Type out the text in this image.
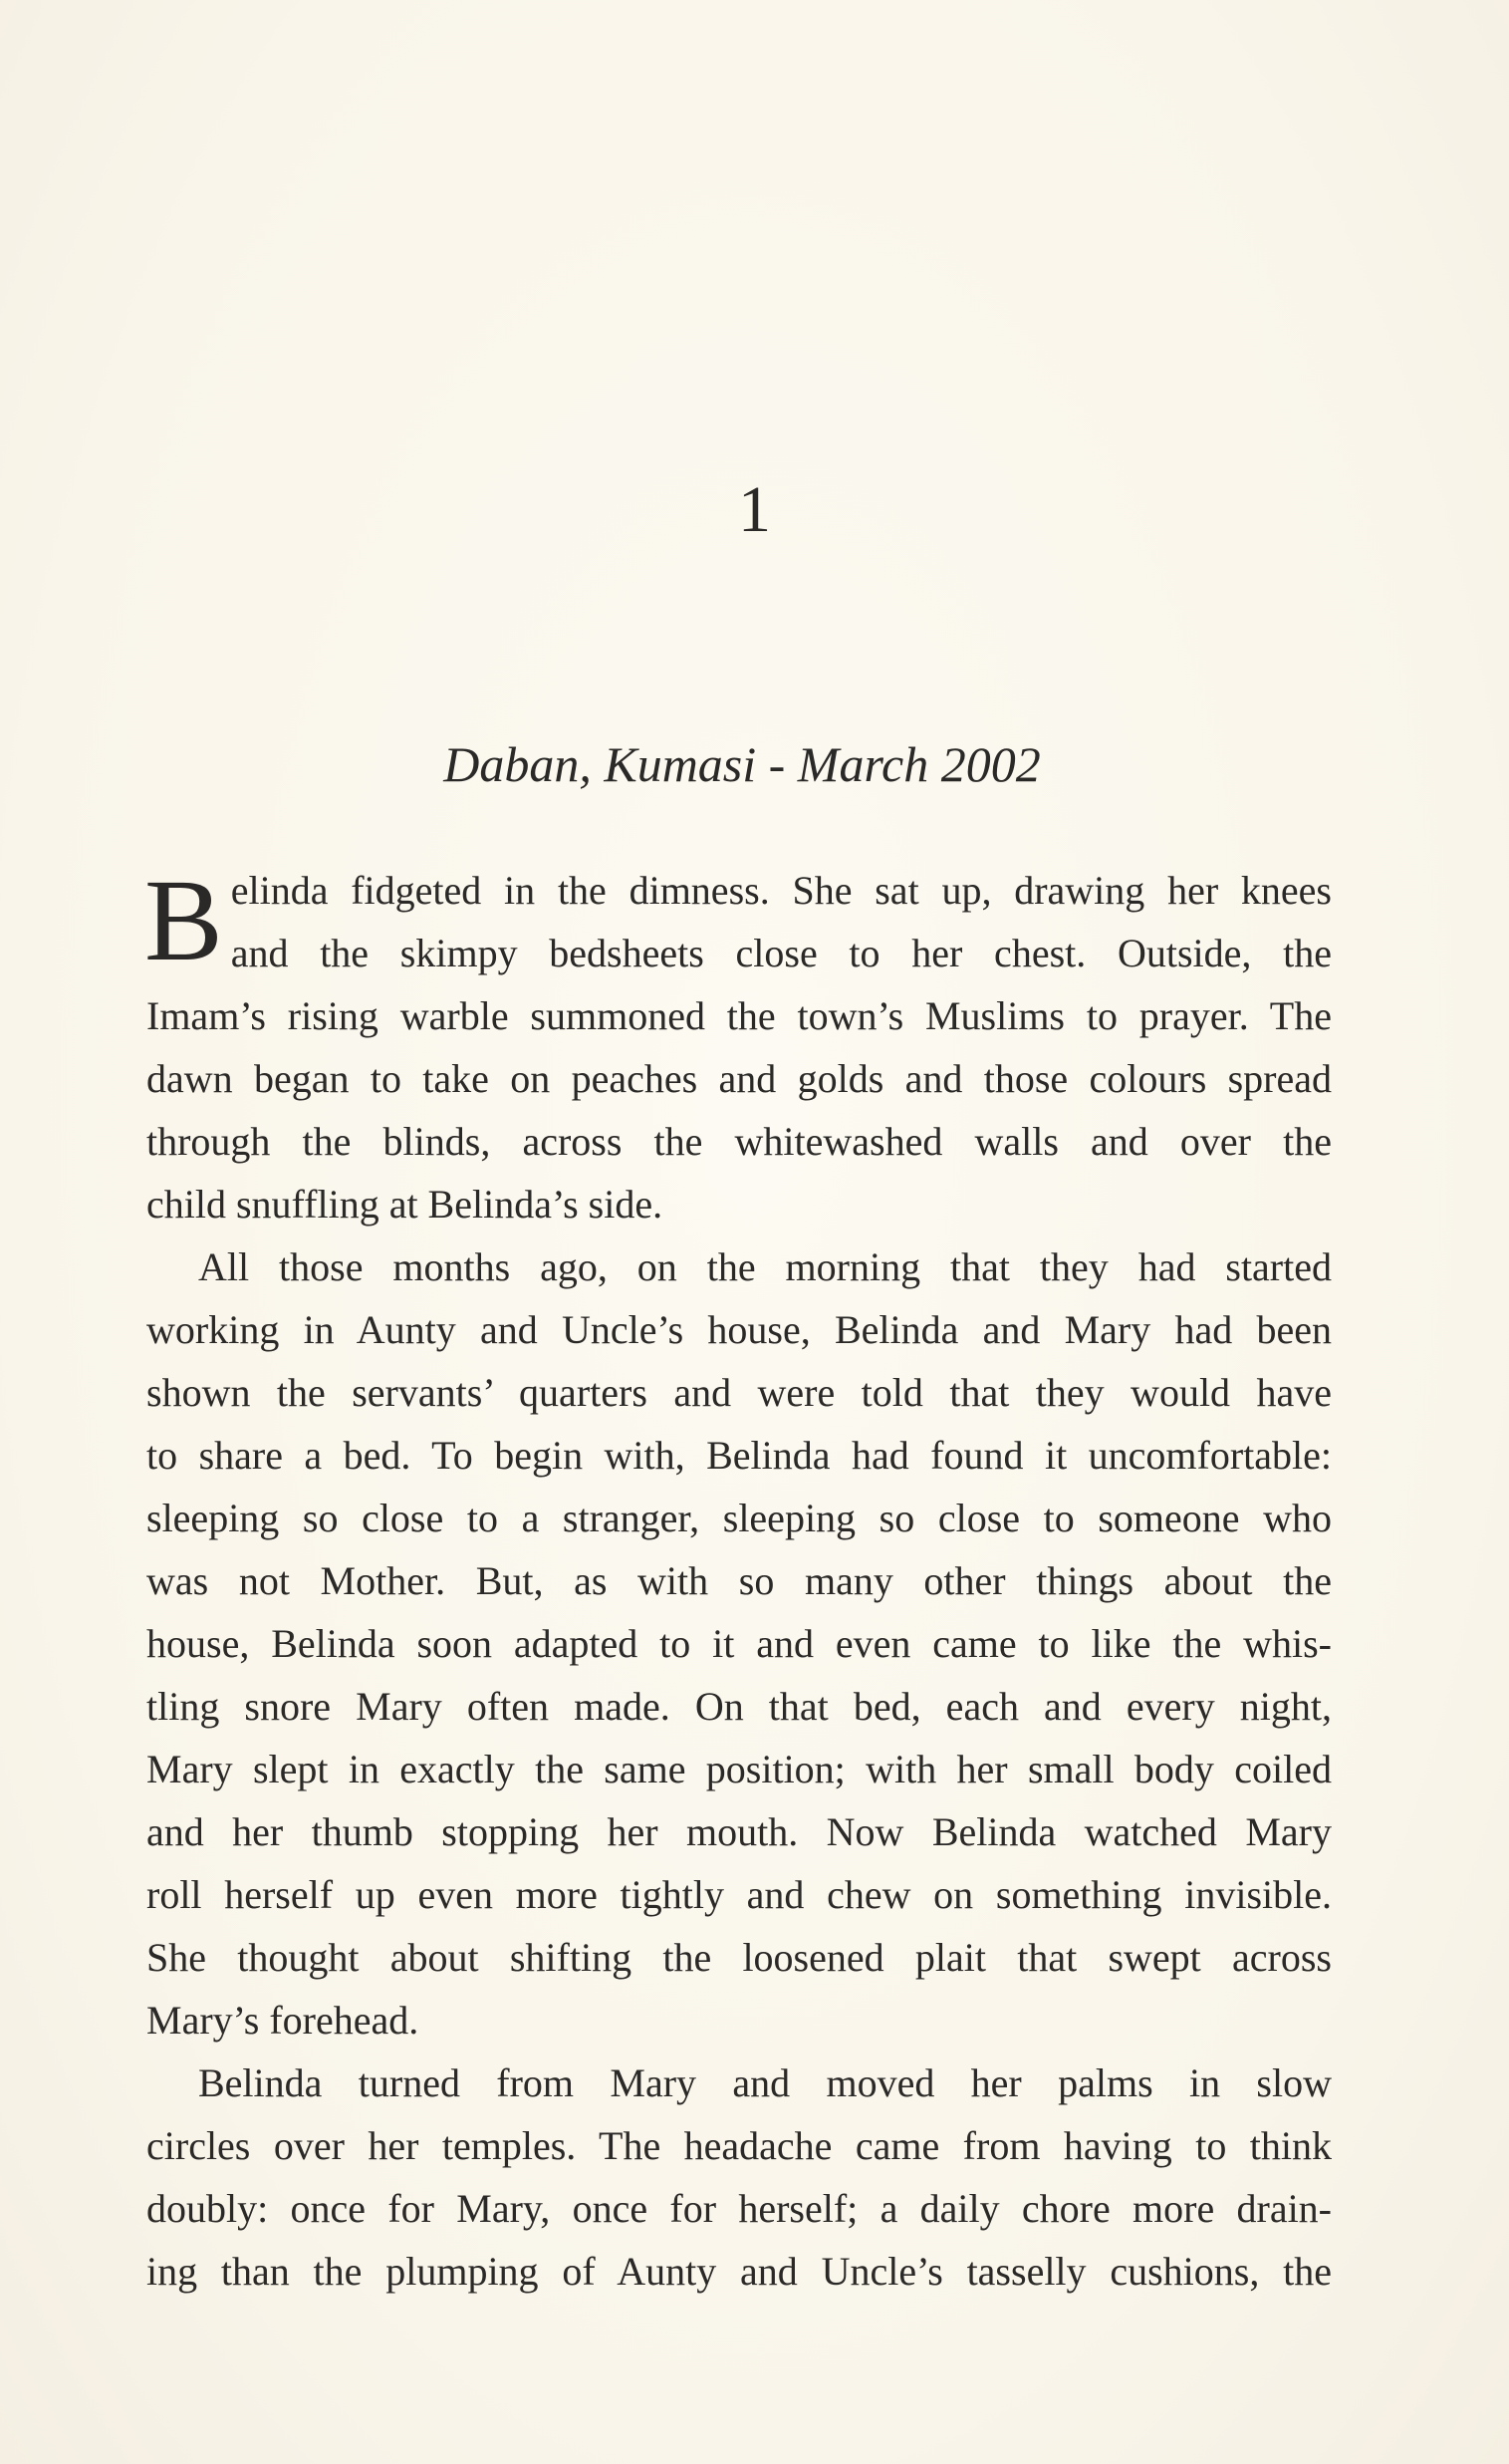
1
Daban, Kumasi - March 2002
B elinda fidgeted in the dimness. She sat up, drawing her knees
and the skimpy bedsheets close to her chest. Outside, the
Imam’s rising warble summoned the town’s Muslims to prayer. The
dawn began to take on peaches and golds and those colours spread
through the blinds, across the whitewashed walls and over the
child snuffling at Belinda’s side.
All those months ago, on the morning that they had started
working in Aunty and Uncle’s house, Belinda and Mary had been
shown the servants’ quarters and were told that they would have
to share a bed. To begin with, Belinda had found it uncomfortable:
sleeping so close to a stranger, sleeping so close to someone who
was not Mother. But, as with so many other things about the
house, Belinda soon adapted to it and even came to like the whis-
tling snore Mary often made. On that bed, each and every night,
Mary slept in exactly the same position; with her small body coiled
and her thumb stopping her mouth. Now Belinda watched Mary
roll herself up even more tightly and chew on something invisible.
She thought about shifting the loosened plait that swept across
Mary’s forehead.
Belinda turned from Mary and moved her palms in slow
circles over her temples. The headache came from having to think
doubly: once for Mary, once for herself; a daily chore more drain-
ing than the plumping of Aunty and Uncle’s tasselly cushions, the
